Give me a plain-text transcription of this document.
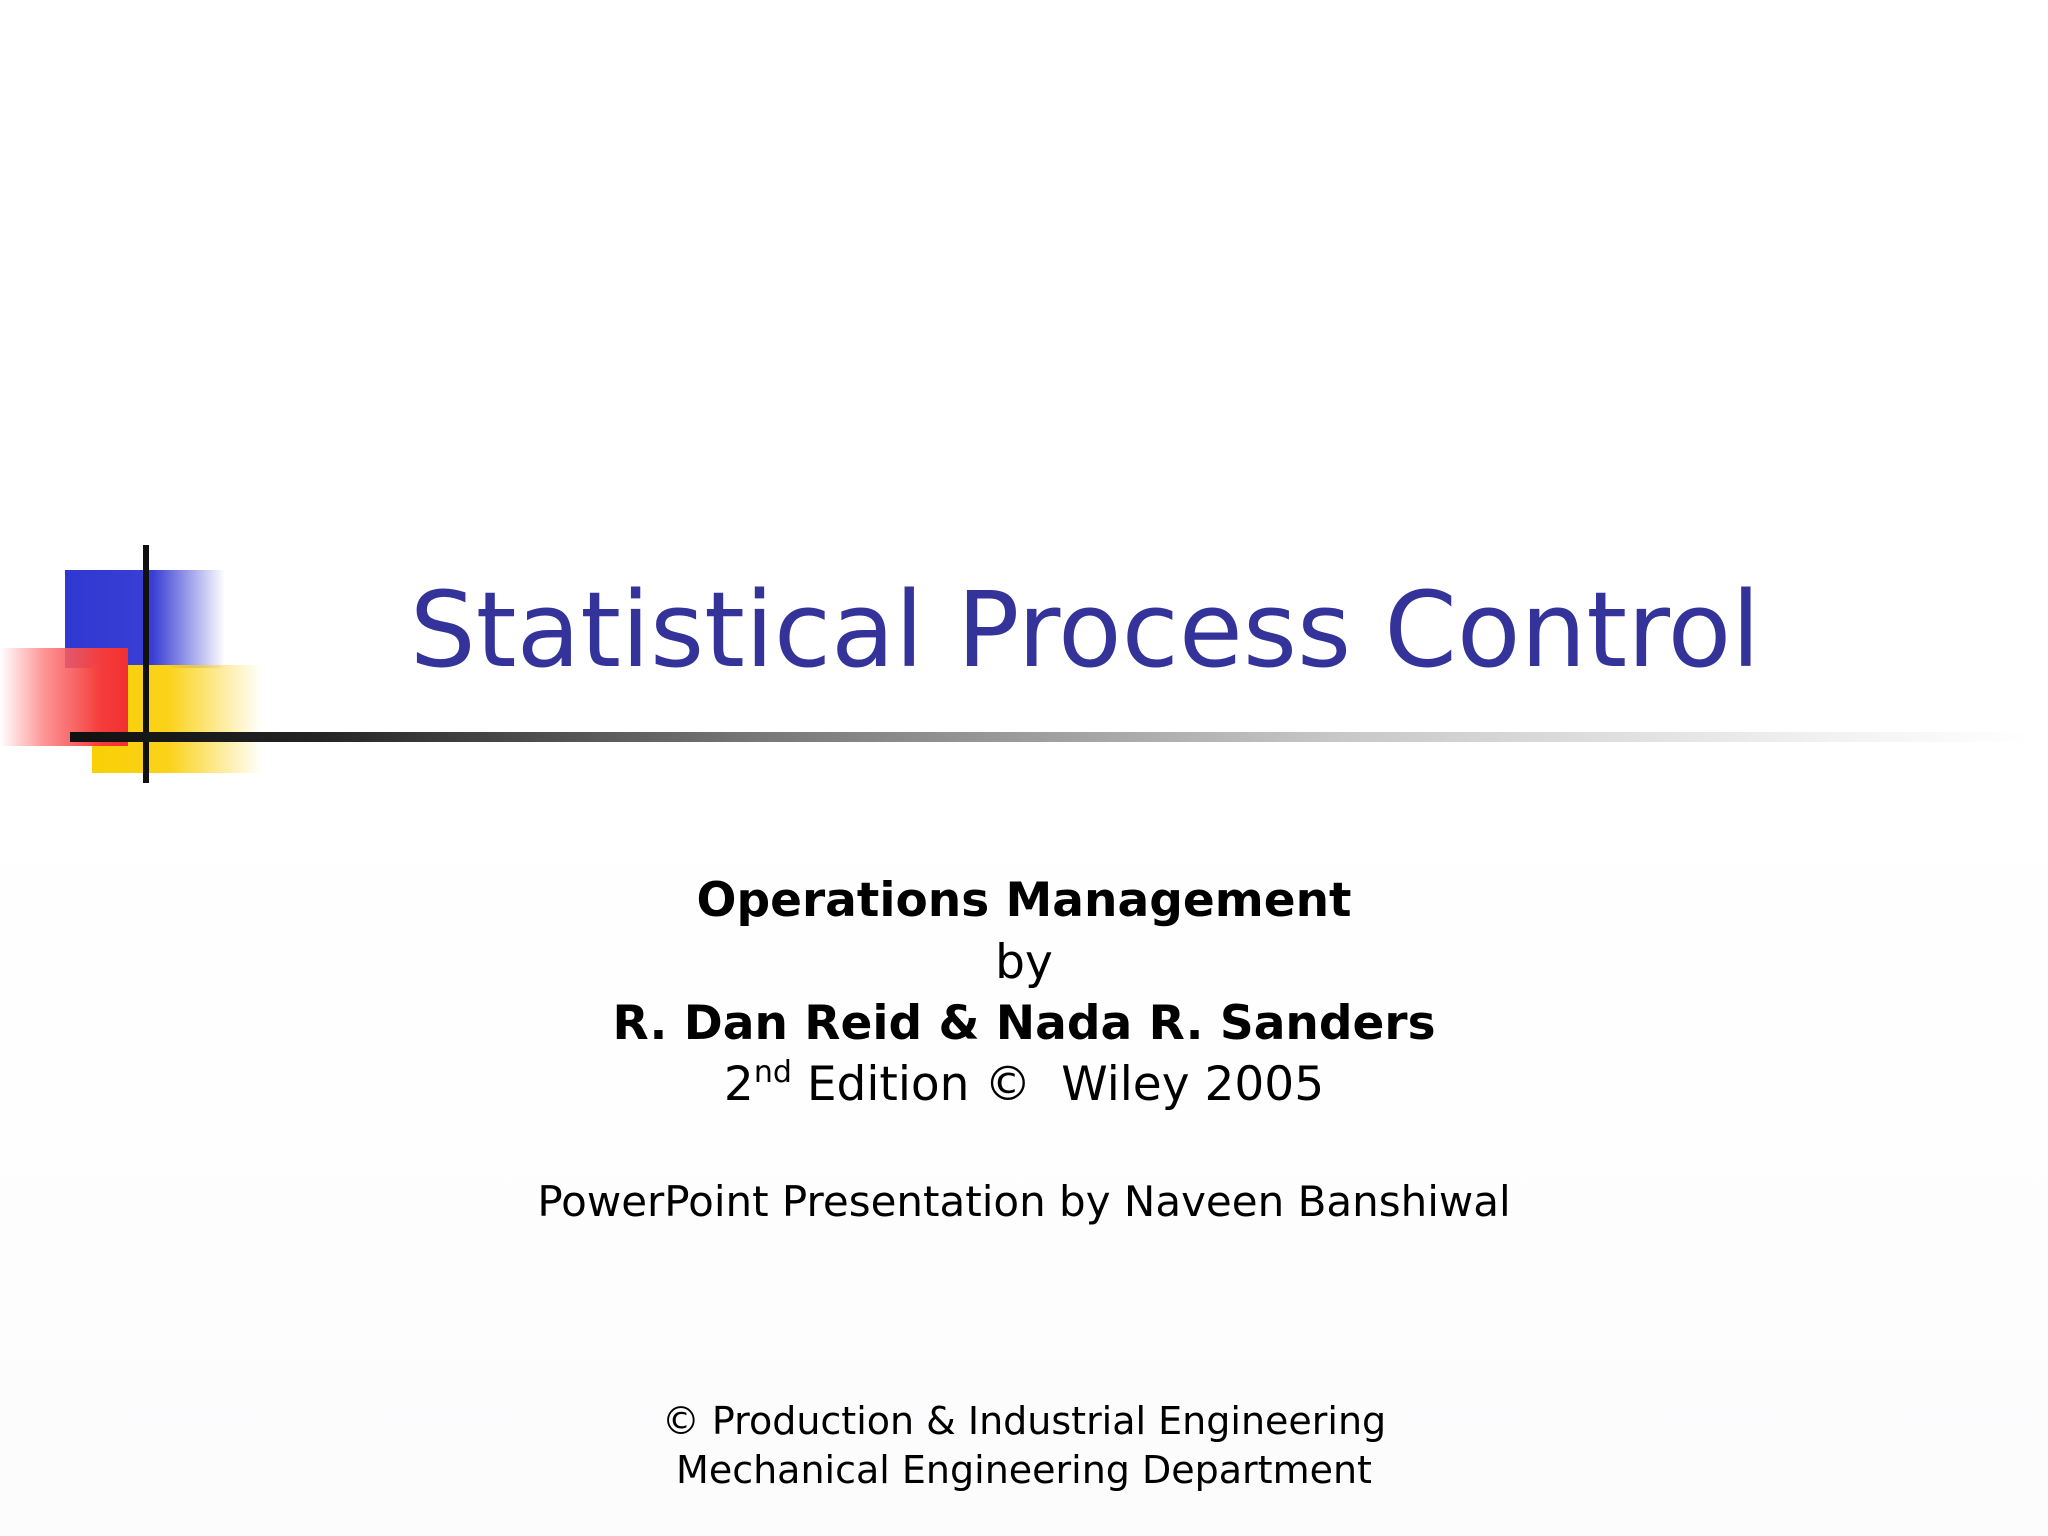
Statistical Process Control
Operations Management
by
R. Dan Reid & Nada R. Sanders
2nd Edition ©  Wiley 2005
PowerPoint Presentation by Naveen Banshiwal
© Production & Industrial Engineering
Mechanical Engineering Department
